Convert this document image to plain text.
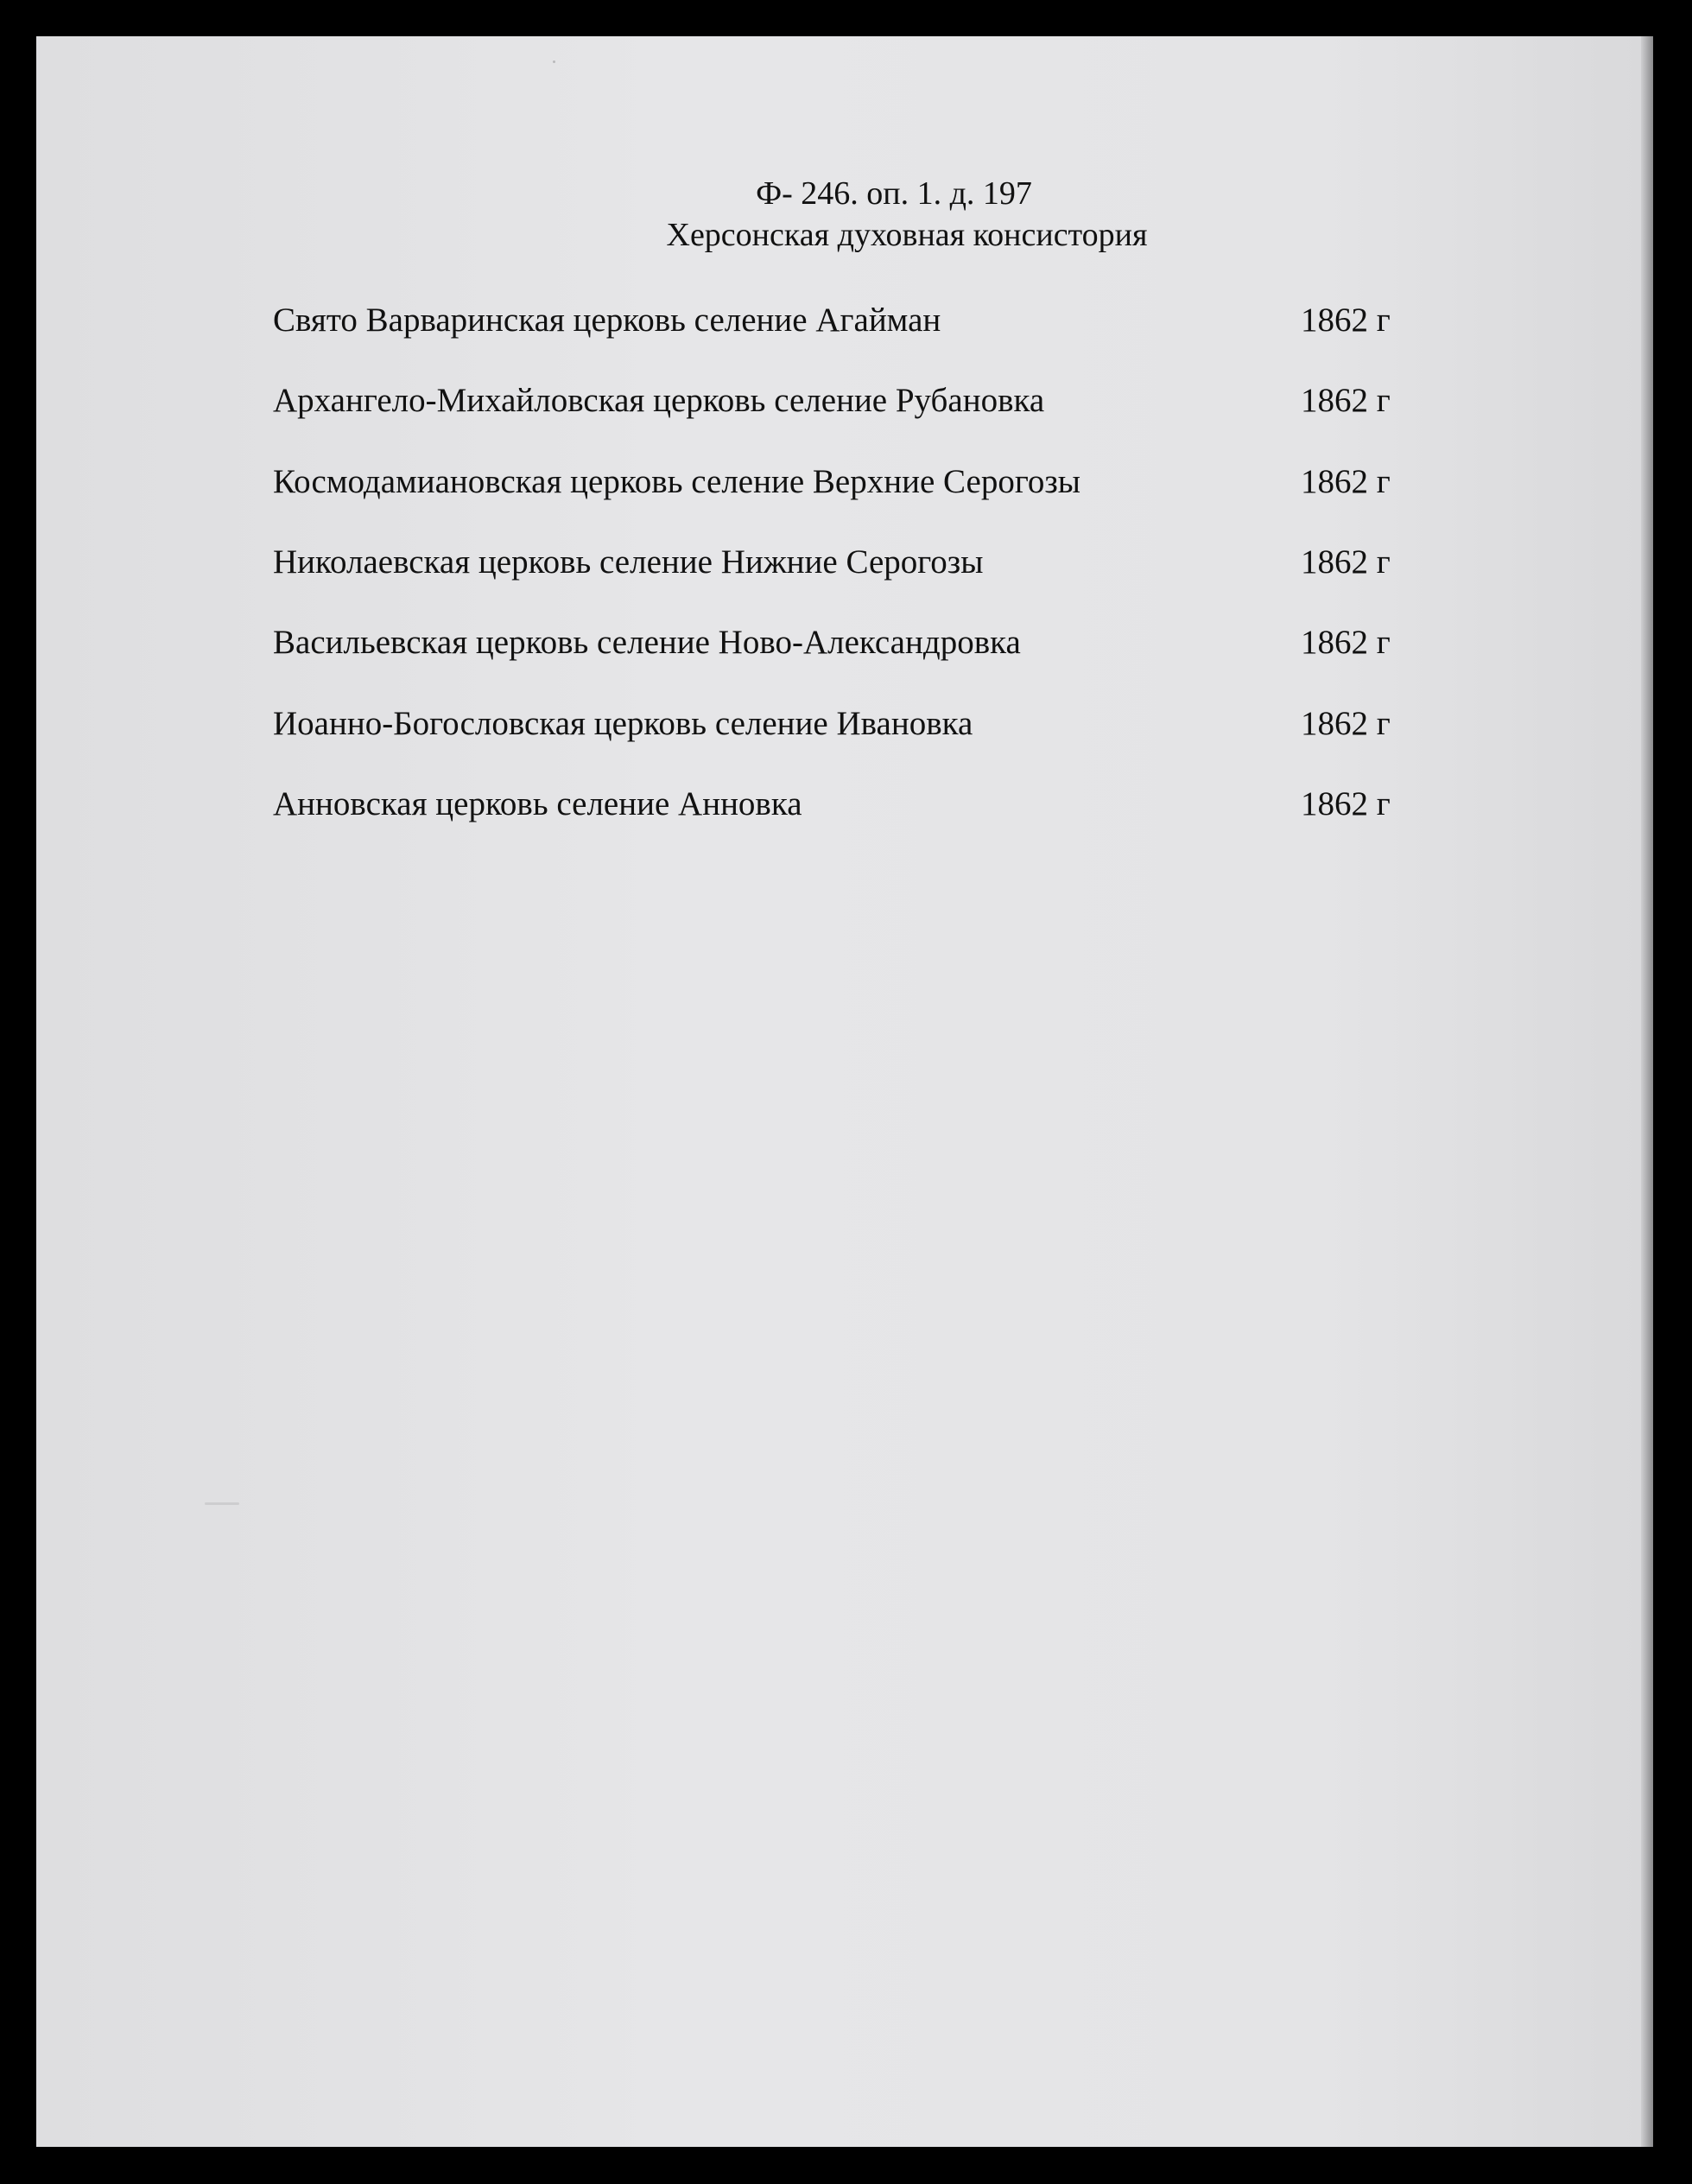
Ф- 246. оп. 1. д. 197
Херсонская духовная консистория
Свято Варваринская церковь селение Агайман	1862 г
Архангело-Михайловская церковь селение Рубановка	1862 г
Космодамиановская церковь селение Верхние Серогозы	1862 г
Николаевская церковь селение Нижние Серогозы	1862 г
Васильевская церковь селение Ново-Александровка	1862 г
Иоанно-Богословская церковь селение Ивановка	1862 г
Анновская церковь селение Анновка	1862 г
